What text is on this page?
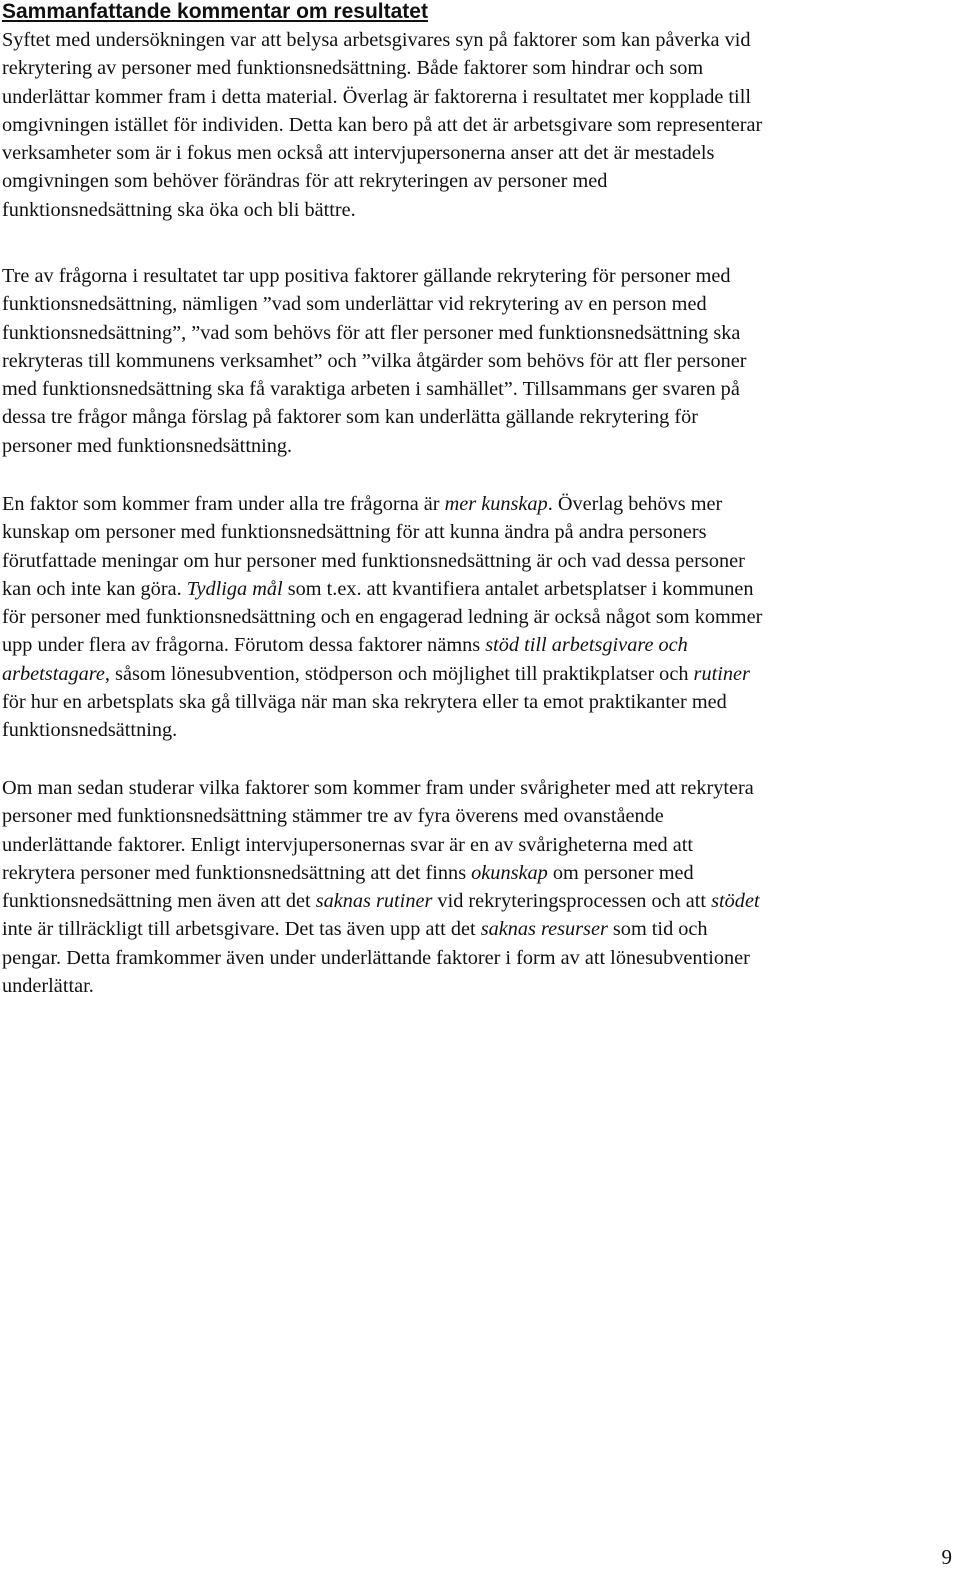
Sammanfattande kommentar om resultatet

Syftet med undersökningen var att belysa arbetsgivares syn på faktorer som kan påverka vid
rekrytering av personer med funktionsnedsättning. Både faktorer som hindrar och som
underlättar kommer fram i detta material. Överlag är faktorerna i resultatet mer kopplade till
omgivningen istället för individen. Detta kan bero på att det är arbetsgivare som representerar
verksamheter som är i fokus men också att intervjupersonerna anser att det är mestadels
omgivningen som behöver förändras för att rekryteringen av personer med
funktionsnedsättning ska öka och bli bättre.

Tre av frågorna i resultatet tar upp positiva faktorer gällande rekrytering för personer med
funktionsnedsättning, nämligen ”vad som underlättar vid rekrytering av en person med
funktionsnedsättning”, ”vad som behövs för att fler personer med funktionsnedsättning ska
rekryteras till kommunens verksamhet” och ”vilka åtgärder som behövs för att fler personer
med funktionsnedsättning ska få varaktiga arbeten i samhället”. Tillsammans ger svaren på
dessa tre frågor många förslag på faktorer som kan underlätta gällande rekrytering för
personer med funktionsnedsättning.

En faktor som kommer fram under alla tre frågorna är mer kunskap. Överlag behövs mer
kunskap om personer med funktionsnedsättning för att kunna ändra på andra personers
förutfattade meningar om hur personer med funktionsnedsättning är och vad dessa personer
kan och inte kan göra. Tydliga mål som t.ex. att kvantifiera antalet arbetsplatser i kommunen
för personer med funktionsnedsättning och en engagerad ledning är också något som kommer
upp under flera av frågorna. Förutom dessa faktorer nämns stöd till arbetsgivare och
arbetstagare, såsom lönesubvention, stödperson och möjlighet till praktikplatser och rutiner
för hur en arbetsplats ska gå tillväga när man ska rekrytera eller ta emot praktikanter med
funktionsnedsättning.

Om man sedan studerar vilka faktorer som kommer fram under svårigheter med att rekrytera
personer med funktionsnedsättning stämmer tre av fyra överens med ovanstående
underlättande faktorer. Enligt intervjupersonernas svar är en av svårigheterna med att
rekrytera personer med funktionsnedsättning att det finns okunskap om personer med
funktionsnedsättning men även att det saknas rutiner vid rekryteringsprocessen och att stödet
inte är tillräckligt till arbetsgivare. Det tas även upp att det saknas resurser som tid och
pengar. Detta framkommer även under underlättande faktorer i form av att lönesubventioner
underlättar.

9
